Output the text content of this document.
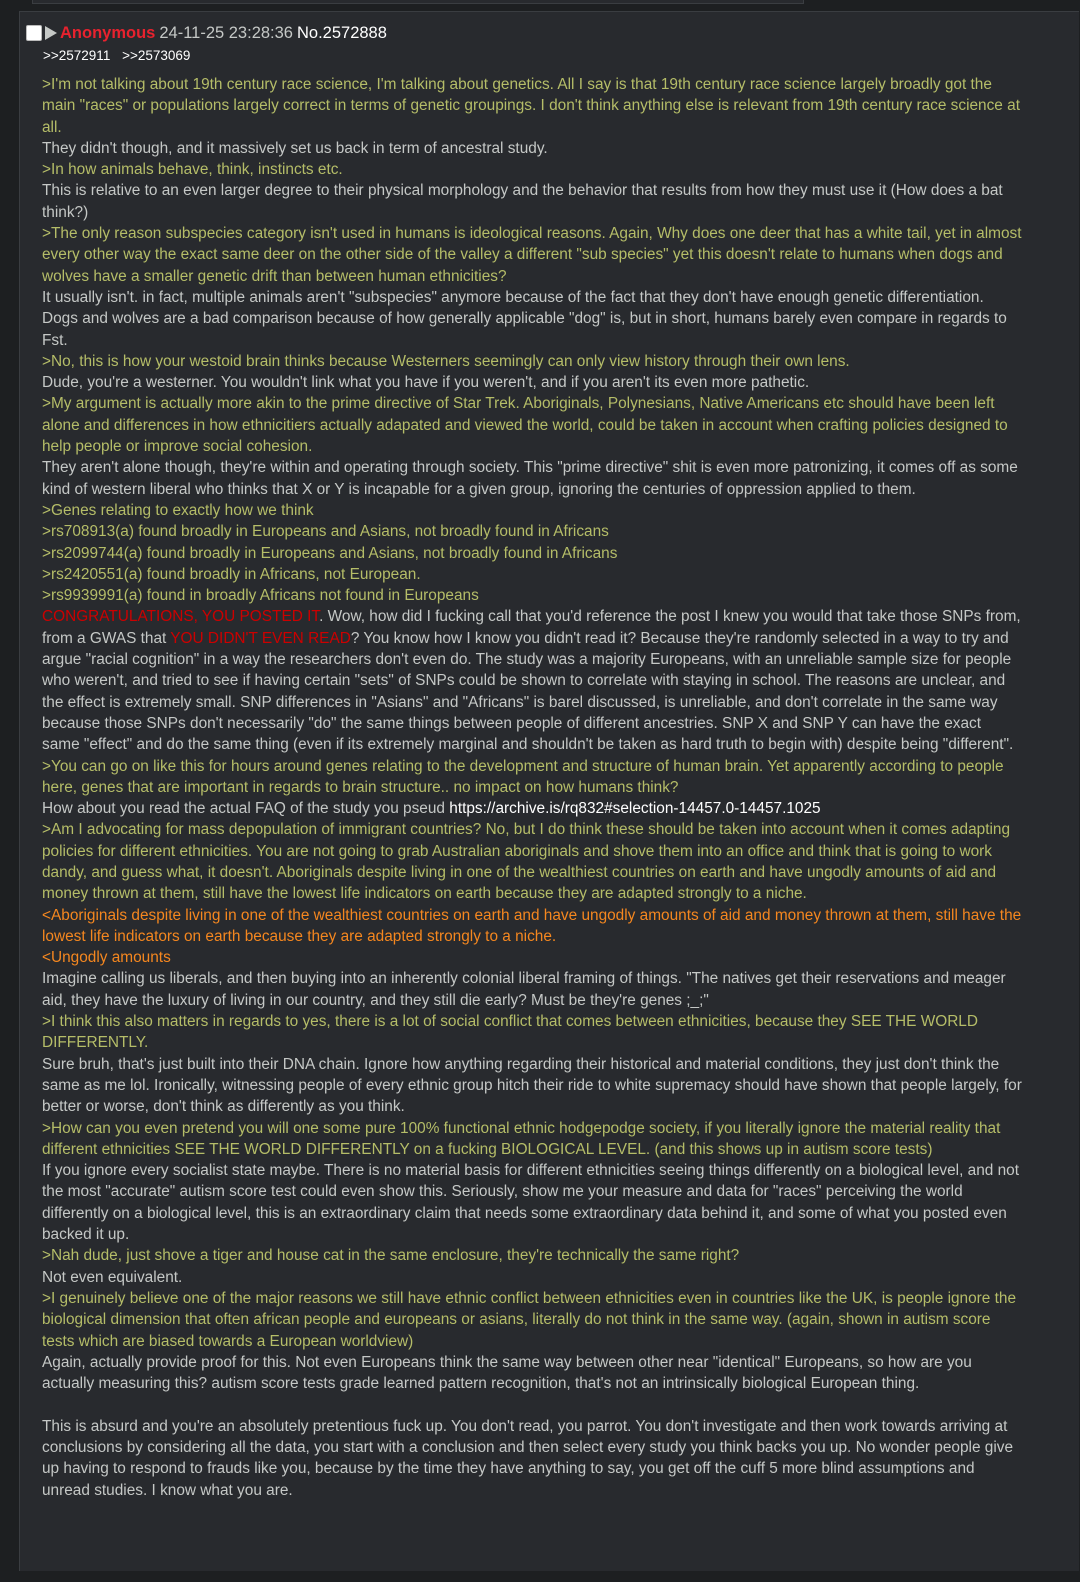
Anonymous 24-11-25 23:28:36 No.2572888
>>2572911 >>2573069
>I'm not talking about 19th century race science, I'm talking about genetics. All I say is that 19th century race science largely broadly got the main "races" or populations largely correct in terms of genetic groupings. I don't think anything else is relevant from 19th century race science at all.
They didn't though, and it massively set us back in term of ancestral study.
>In how animals behave, think, instincts etc.
This is relative to an even larger degree to their physical morphology and the behavior that results from how they must use it (How does a bat think?)
>The only reason subspecies category isn't used in humans is ideological reasons. Again, Why does one deer that has a white tail, yet in almost every other way the exact same deer on the other side of the valley a different "sub species" yet this doesn't relate to humans when dogs and wolves have a smaller genetic drift than between human ethnicities?
It usually isn't. in fact, multiple animals aren't "subspecies" anymore because of the fact that they don't have enough genetic differentiation. Dogs and wolves are a bad comparison because of how generally applicable "dog" is, but in short, humans barely even compare in regards to Fst.
>No, this is how your westoid brain thinks because Westerners seemingly can only view history through their own lens.
Dude, you're a westerner. You wouldn't link what you have if you weren't, and if you aren't its even more pathetic.
>My argument is actually more akin to the prime directive of Star Trek. Aboriginals, Polynesians, Native Americans etc should have been left alone and differences in how ethnicitiers actually adapated and viewed the world, could be taken in account when crafting policies designed to help people or improve social cohesion.
They aren't alone though, they're within and operating through society. This "prime directive" shit is even more patronizing, it comes off as some kind of western liberal who thinks that X or Y is incapable for a given group, ignoring the centuries of oppression applied to them.
>Genes relating to exactly how we think
>rs708913(a) found broadly in Europeans and Asians, not broadly found in Africans
>rs2099744(a) found broadly in Europeans and Asians, not broadly found in Africans
>rs2420551(a) found broadly in Africans, not European.
>rs9939991(a) found in broadly Africans not found in Europeans
CONGRATULATIONS, YOU POSTED IT. Wow, how did I fucking call that you'd reference the post I knew you would that take those SNPs from, from a GWAS that YOU DIDN'T EVEN READ? You know how I know you didn't read it? Because they're randomly selected in a way to try and argue "racial cognition" in a way the researchers don't even do. The study was a majority Europeans, with an unreliable sample size for people who weren't, and tried to see if having certain "sets" of SNPs could be shown to correlate with staying in school. The reasons are unclear, and the effect is extremely small. SNP differences in "Asians" and "Africans" is barel discussed, is unreliable, and don't correlate in the same way because those SNPs don't necessarily "do" the same things between people of different ancestries. SNP X and SNP Y can have the exact same "effect" and do the same thing (even if its extremely marginal and shouldn't be taken as hard truth to begin with) despite being "different".
>You can go on like this for hours around genes relating to the development and structure of human brain. Yet apparently according to people here, genes that are important in regards to brain structure.. no impact on how humans think?
How about you read the actual FAQ of the study you pseud https://archive.is/rq832#selection-14457.0-14457.1025
>Am I advocating for mass depopulation of immigrant countries? No, but I do think these should be taken into account when it comes adapting policies for different ethnicities. You are not going to grab Australian aboriginals and shove them into an office and think that is going to work dandy, and guess what, it doesn't. Aboriginals despite living in one of the wealthiest countries on earth and have ungodly amounts of aid and money thrown at them, still have the lowest life indicators on earth because they are adapted strongly to a niche.
<Aboriginals despite living in one of the wealthiest countries on earth and have ungodly amounts of aid and money thrown at them, still have the lowest life indicators on earth because they are adapted strongly to a niche.
<Ungodly amounts
Imagine calling us liberals, and then buying into an inherently colonial liberal framing of things. "The natives get their reservations and meager aid, they have the luxury of living in our country, and they still die early? Must be they're genes ;_;"
>I think this also matters in regards to yes, there is a lot of social conflict that comes between ethnicities, because they SEE THE WORLD DIFFERENTLY.
Sure bruh, that's just built into their DNA chain. Ignore how anything regarding their historical and material conditions, they just don't think the same as me lol. Ironically, witnessing people of every ethnic group hitch their ride to white supremacy should have shown that people largely, for better or worse, don't think as differently as you think.
>How can you even pretend you will one some pure 100% functional ethnic hodgepodge society, if you literally ignore the material reality that different ethnicities SEE THE WORLD DIFFERENTLY on a fucking BIOLOGICAL LEVEL. (and this shows up in autism score tests)
If you ignore every socialist state maybe. There is no material basis for different ethnicities seeing things differently on a biological level, and not the most "accurate" autism score test could even show this. Seriously, show me your measure and data for "races" perceiving the world differently on a biological level, this is an extraordinary claim that needs some extraordinary data behind it, and some of what you posted even backed it up.
>Nah dude, just shove a tiger and house cat in the same enclosure, they're technically the same right?
Not even equivalent.
>I genuinely believe one of the major reasons we still have ethnic conflict between ethnicities even in countries like the UK, is people ignore the biological dimension that often african people and europeans or asians, literally do not think in the same way. (again, shown in autism score tests which are biased towards a European worldview)
Again, actually provide proof for this. Not even Europeans think the same way between other near "identical" Europeans, so how are you actually measuring this? autism score tests grade learned pattern recognition, that's not an intrinsically biological European thing.
This is absurd and you're an absolutely pretentious fuck up. You don't read, you parrot. You don't investigate and then work towards arriving at conclusions by considering all the data, you start with a conclusion and then select every study you think backs you up. No wonder people give up having to respond to frauds like you, because by the time they have anything to say, you get off the cuff 5 more blind assumptions and unread studies. I know what you are.
